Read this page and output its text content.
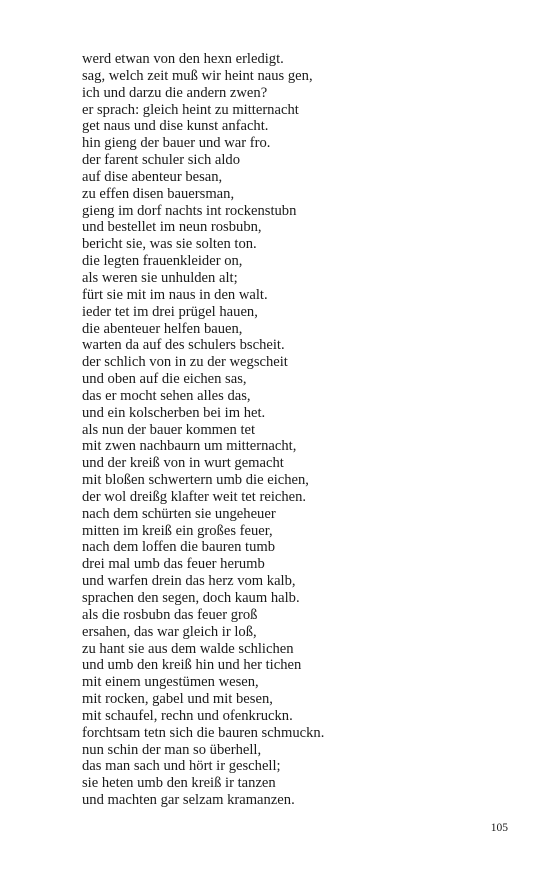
werd etwan von den hexn erledigt.
sag, welch zeit muß wir heint naus gen,
ich und darzu die andern zwen?
er sprach: gleich heint zu mitternacht
get naus und dise kunst anfacht.
hin gieng der bauer und war fro.
der farent schuler sich aldo
auf dise abenteur besan,
zu effen disen bauersman,
gieng im dorf nachts int rockenstubn
und bestellet im neun rosbubn,
bericht sie, was sie solten ton.
die legten frauenkleider on,
als weren sie unhulden alt;
fürt sie mit im naus in den walt.
ieder tet im drei prügel hauen,
die abenteuer helfen bauen,
warten da auf des schulers bscheit.
der schlich von in zu der wegscheit
und oben auf die eichen sas,
das er mocht sehen alles das,
und ein kolscherben bei im het.
als nun der bauer kommen tet
mit zwen nachbaurn um mitternacht,
und der kreiß von in wurt gemacht
mit bloßen schwertern umb die eichen,
der wol dreißg klafter weit tet reichen.
nach dem schürten sie ungeheuer
mitten im kreiß ein großes feuer,
nach dem loffen die bauren tumb
drei mal umb das feuer herumb
und warfen drein das herz vom kalb,
sprachen den segen, doch kaum halb.
als die rosbubn das feuer groß
ersahen, das war gleich ir loß,
zu hant sie aus dem walde schlichen
und umb den kreiß hin und her tichen
mit einem ungestümen wesen,
mit rocken, gabel und mit besen,
mit schaufel, rechn und ofenkruckn.
forchtsam tetn sich die bauren schmuckn.
nun schin der man so überhell,
das man sach und hört ir geschell;
sie heten umb den kreiß ir tanzen
und machten gar selzam kramanzen.
105
